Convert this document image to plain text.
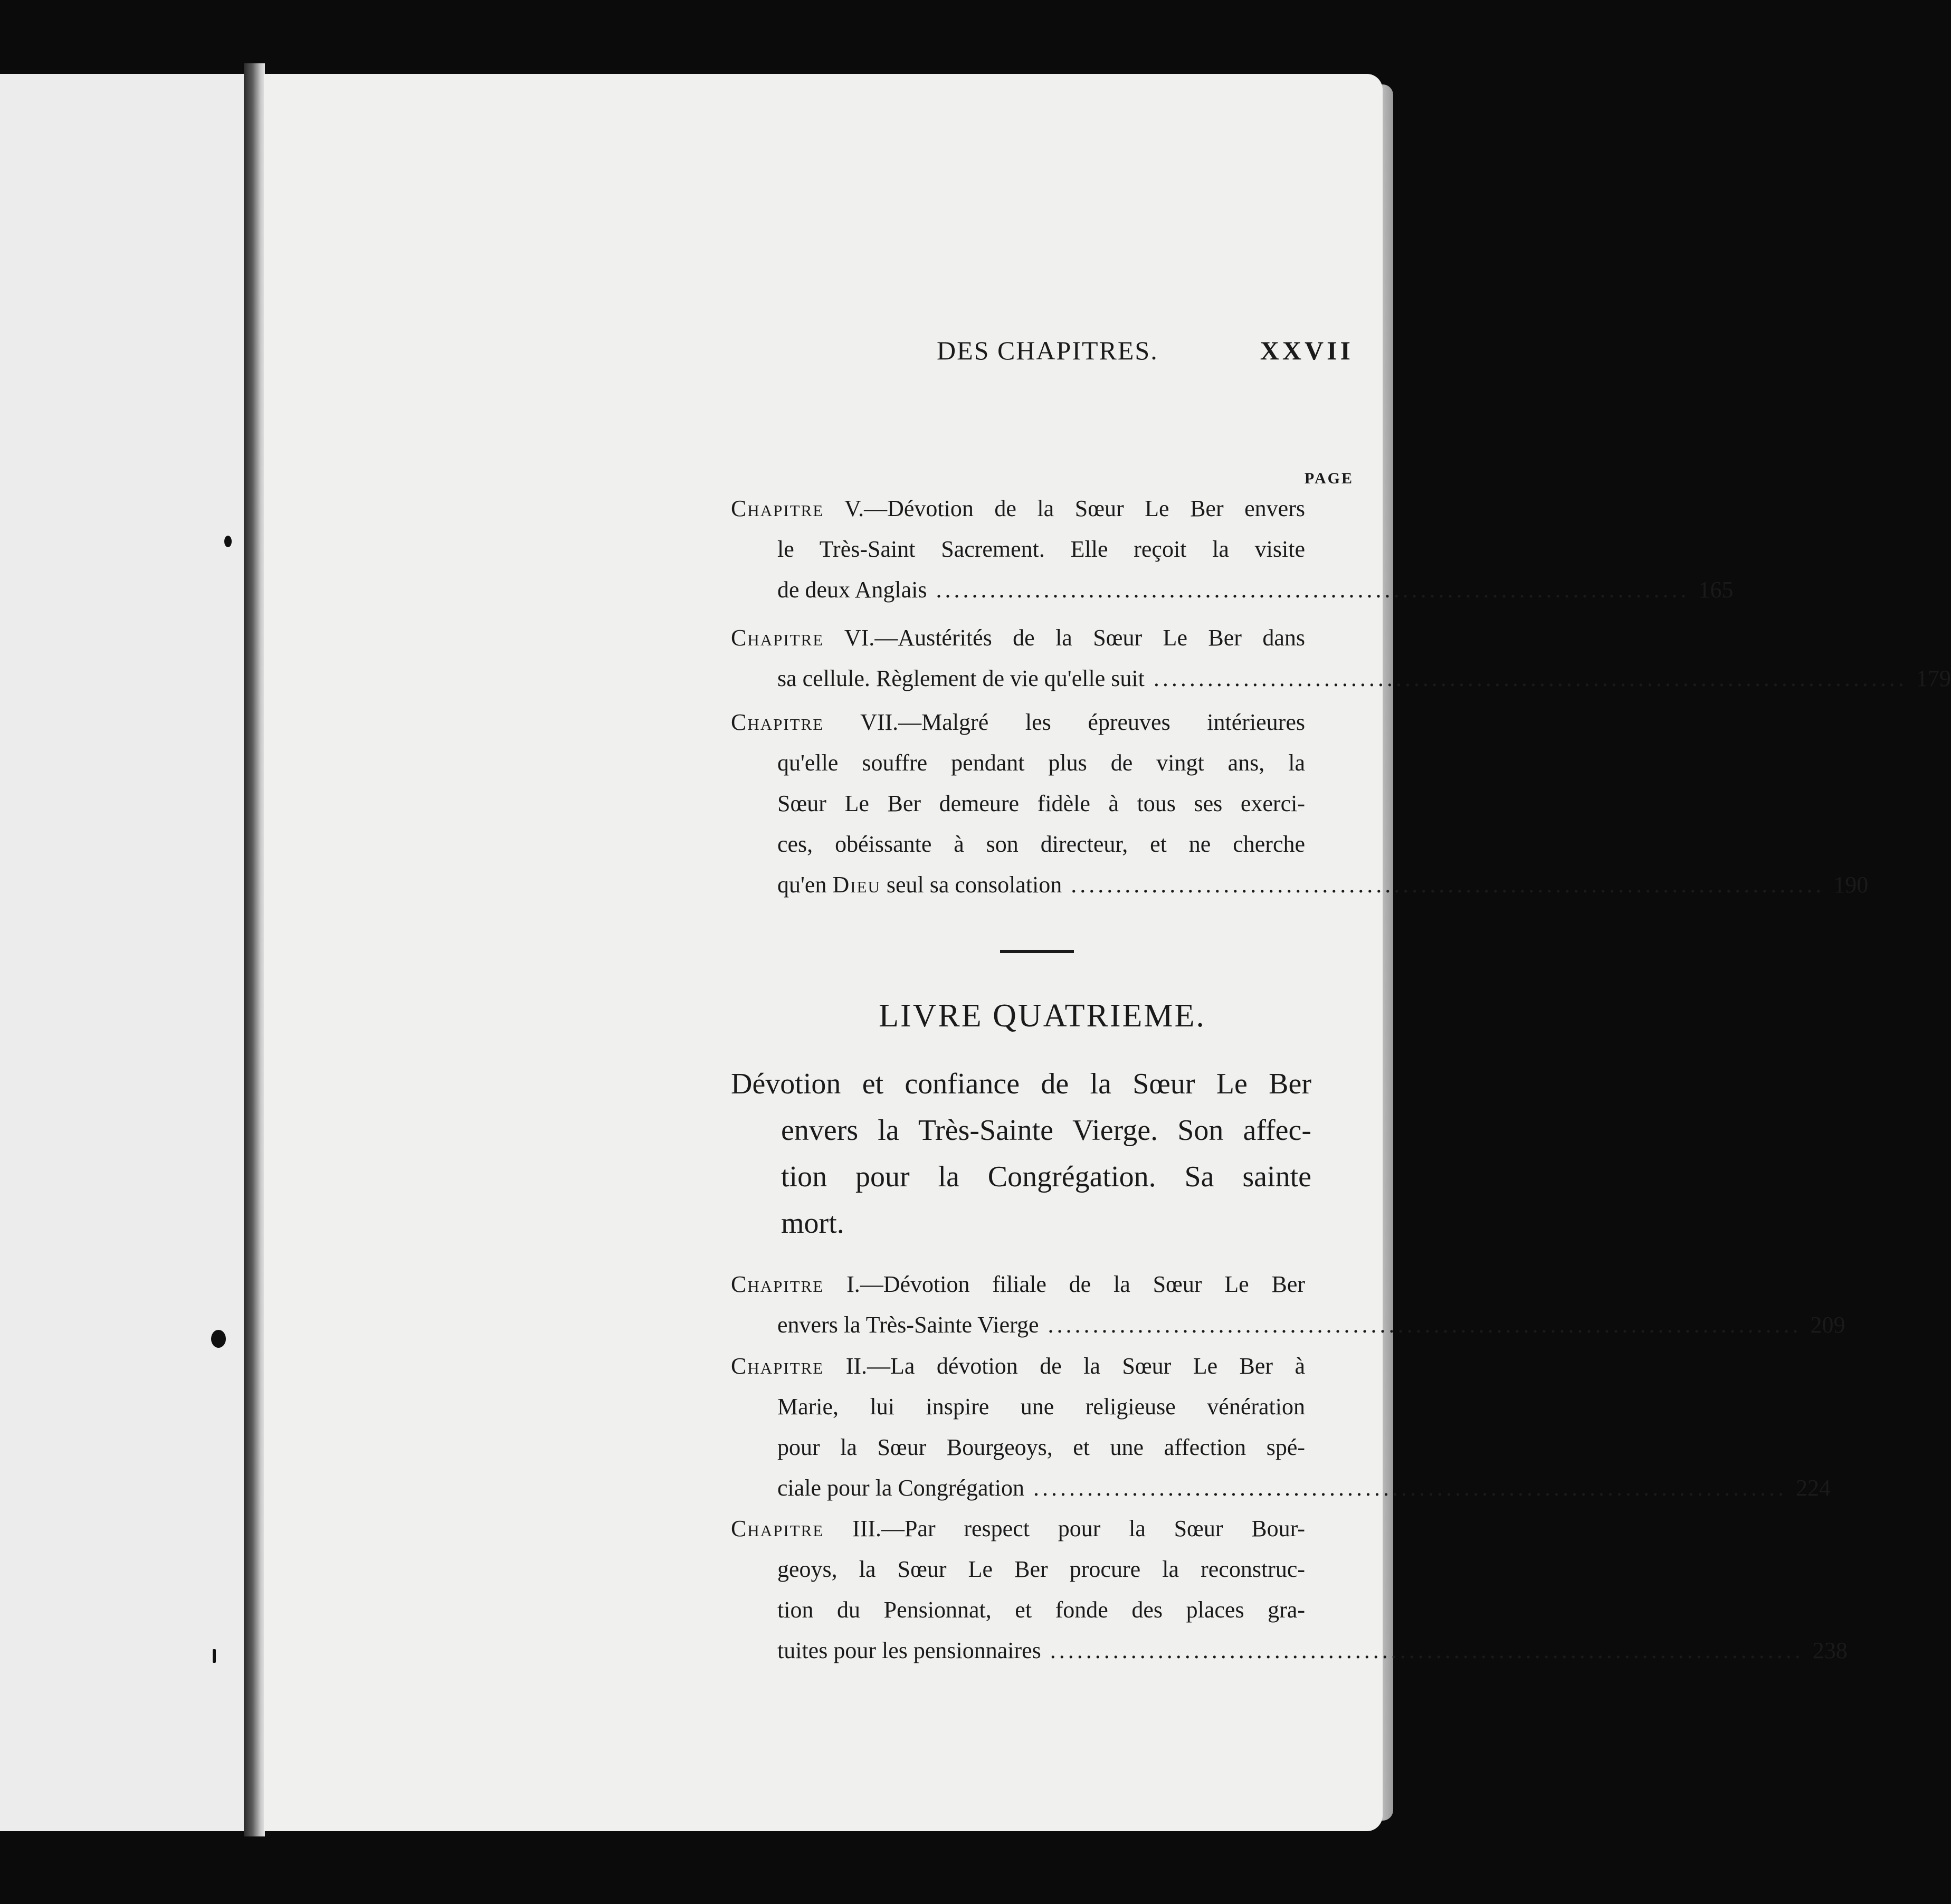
DES CHAPITRES.	XXVII
PAGE
Chapitre V.—Dévotion de la Sœur Le Ber envers
le Très-Saint Sacrement. Elle reçoit la visite
de deux Anglais .................................................................................... 165
Chapitre VI.—Austérités de la Sœur Le Ber dans
sa cellule. Règlement de vie qu'elle suit .................................................................................... 179
Chapitre VII.—Malgré les épreuves intérieures
qu'elle souffre pendant plus de vingt ans, la
Sœur Le Ber demeure fidèle à tous ses exerci-
ces, obéissante à son directeur, et ne cherche
qu'en Dieu seul sa consolation .................................................................................... 190
LIVRE QUATRIEME.
Dévotion et confiance de la Sœur Le Ber
envers la Très-Sainte Vierge. Son affec-
tion pour la Congrégation. Sa sainte
mort.
Chapitre I.—Dévotion filiale de la Sœur Le Ber
envers la Très-Sainte Vierge .................................................................................... 209
Chapitre II.—La dévotion de la Sœur Le Ber à
Marie, lui inspire une religieuse vénération
pour la Sœur Bourgeoys, et une affection spé-
ciale pour la Congrégation .................................................................................... 224
Chapitre III.—Par respect pour la Sœur Bour-
geoys, la Sœur Le Ber procure la reconstruc-
tion du Pensionnat, et fonde des places gra-
tuites pour les pensionnaires .................................................................................... 238
